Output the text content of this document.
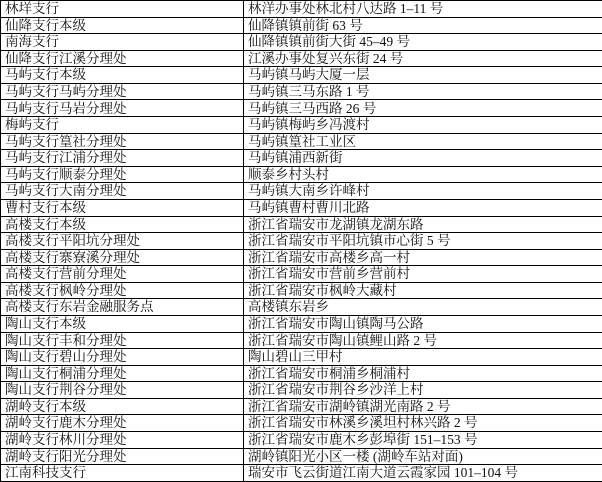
林垟支行	林洋办事处林北村八达路 1–11 号
仙降支行本级	仙降镇镇前街 63 号
南海支行	仙降镇镇前街大街 45–49 号
仙降支行江溪分理处	江溪办事处复兴东街 24 号
马屿支行本级	马屿镇马屿大厦一层
马屿支行马屿分理处	马屿镇三马东路 1 号
马屿支行马岩分理处	马屿镇三马西路 26 号
梅屿支行	马屿镇梅屿乡冯渡村
马屿支行篁社分理处	马屿镇篁社工业区
马屿支行江浦分理处	马屿镇浦西新街
马屿支行顺泰分理处	顺泰乡村头村
马屿支行大南分理处	马屿镇大南乡许峰村
曹村支行本级	马屿镇曹村曹川北路
高楼支行本级	浙江省瑞安市龙湖镇龙湖东路
高楼支行平阳坑分理处	浙江省瑞安市平阳坑镇市心街 5 号
高楼支行寨寮溪分理处	浙江省瑞安市高楼乡高一村
高楼支行营前分理处	浙江省瑞安市营前乡营前村
高楼支行枫岭分理处	浙江省瑞安市枫岭大藏村
高楼支行东岩金融服务点	高楼镇东岩乡
陶山支行本级	浙江省瑞安市陶山镇陶马公路
陶山支行丰和分理处	浙江省瑞安市陶山镇鲤山路 2 号
陶山支行碧山分理处	陶山碧山三甲村
陶山支行桐浦分理处	浙江省瑞安市桐浦乡桐浦村
陶山支行荆谷分理处	浙江省瑞安市荆谷乡沙洋上村
湖岭支行本级	浙江省瑞安市湖岭镇湖光南路 2 号
湖岭支行鹿木分理处	浙江省瑞安市林溪乡溪坦村林兴路 2 号
湖岭支行林川分理处	浙江省瑞安市鹿木乡彭埠街 151–153 号
湖岭支行阳光分理处	湖岭镇阳光小区一楼 (湖岭车站对面)
江南科技支行	瑞安市飞云街道江南大道云霞家园 101–104 号
